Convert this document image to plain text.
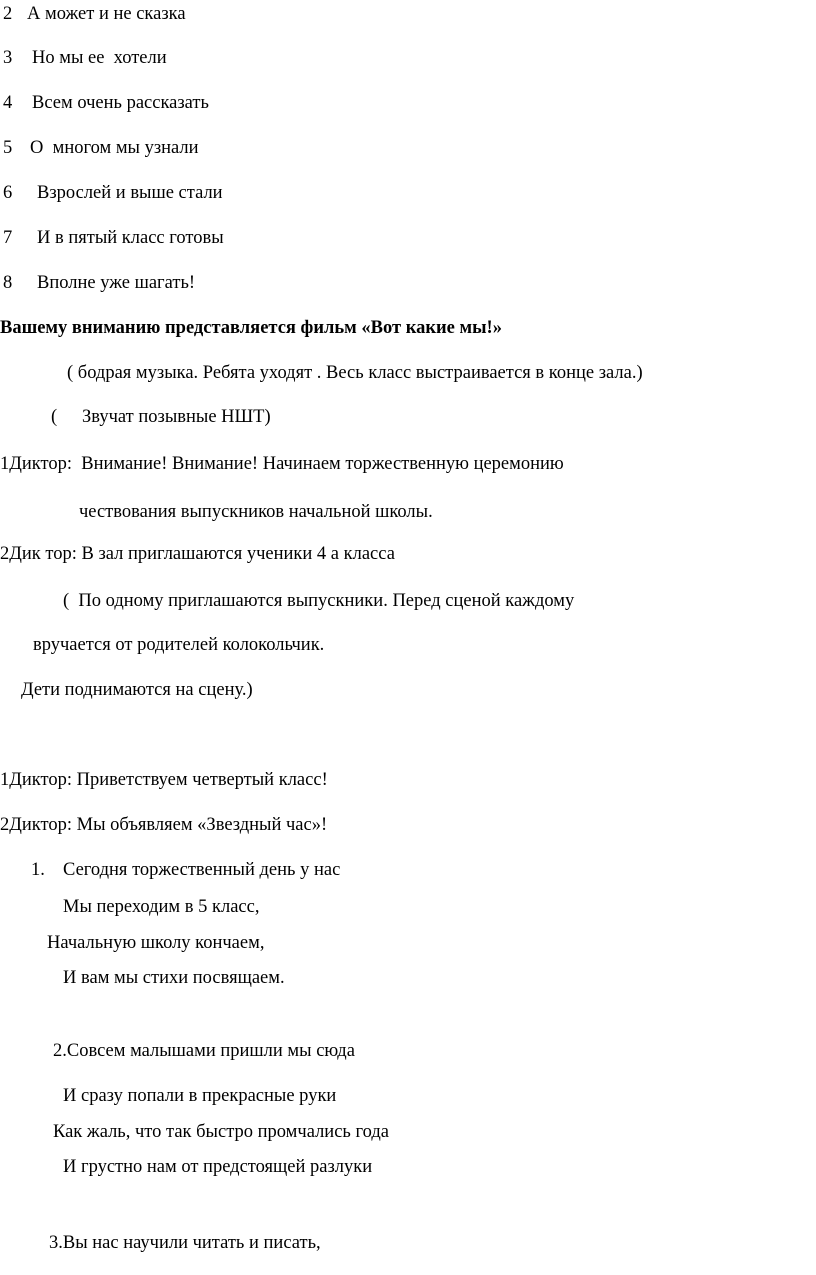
2 А может и не сказка
3 Но мы ее  хотели
4 Всем очень рассказать
5 О  многом мы узнали
6 Взрослей и выше стали
7 И в пятый класс готовы
8 Вполне уже шагать!
Вашему вниманию представляется фильм «Вот какие мы!»
( бодрая музыка. Ребята уходят . Весь класс выстраивается в конце зала.)
( Звучат позывные НШТ)
1Диктор:  Внимание! Внимание! Начинаем торжественную церемонию
чествования выпускников начальной школы.
2Дик тор: В зал приглашаются ученики 4 а класса
(  По одному приглашаются выпускники. Перед сценой каждому
вручается от родителей колокольчик.
Дети поднимаются на сцену.)
1Диктор: Приветствуем четвертый класс!
2Диктор: Мы объявляем «Звездный час»!
1. Сегодня торжественный день у нас
Мы переходим в 5 класс,
Начальную школу кончаем,
И вам мы стихи посвящаем.
2.Совсем малышами пришли мы сюда
И сразу попали в прекрасные руки
Как жаль, что так быстро промчались года
И грустно нам от предстоящей разлуки
3.Вы нас научили читать и писать,
